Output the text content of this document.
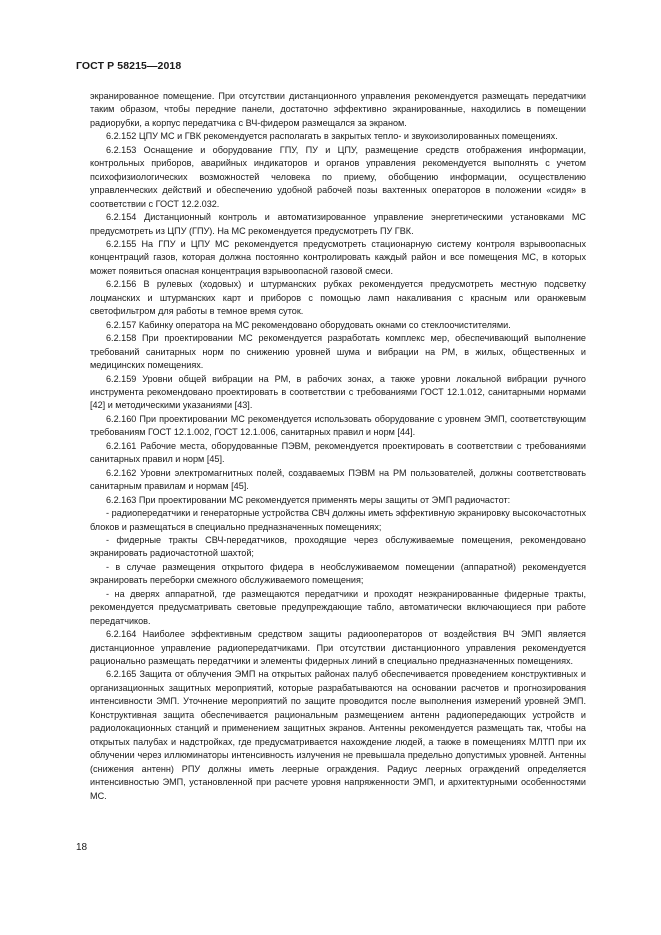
ГОСТ Р 58215—2018

экранированное помещение. При отсутствии дистанционного управления рекомендуется размещать передатчики таким образом, чтобы передние панели, достаточно эффективно экранированные, находились в помещении радиорубки, а корпус передатчика с ВЧ-фидером размещался за экраном.

6.2.152 ЦПУ МС и ГВК рекомендуется располагать в закрытых тепло- и звукоизолированных помещениях.

6.2.153 Оснащение и оборудование ГПУ, ПУ и ЦПУ, размещение средств отображения информации, контрольных приборов, аварийных индикаторов и органов управления рекомендуется выполнять с учетом психофизиологических возможностей человека по приему, обобщению информации, осуществлению управленческих действий и обеспечению удобной рабочей позы вахтенных операторов в положении «сидя» в соответствии с ГОСТ 12.2.032.

6.2.154 Дистанционный контроль и автоматизированное управление энергетическими установками МС предусмотреть из ЦПУ (ГПУ). На МС рекомендуется предусмотреть ПУ ГВК.

6.2.155 На ГПУ и ЦПУ МС рекомендуется предусмотреть стационарную систему контроля взрывоопасных концентраций газов, которая должна постоянно контролировать каждый район и все помещения МС, в которых может появиться опасная концентрация взрывоопасной газовой смеси.

6.2.156 В рулевых (ходовых) и штурманских рубках рекомендуется предусмотреть местную подсветку лоцманских и штурманских карт и приборов с помощью ламп накаливания с красным или оранжевым светофильтром для работы в темное время суток.

6.2.157 Кабинку оператора на МС рекомендовано оборудовать окнами со стеклоочистителями.

6.2.158 При проектировании МС рекомендуется разработать комплекс мер, обеспечивающий выполнение требований санитарных норм по снижению уровней шума и вибрации на РМ, в жилых, общественных и медицинских помещениях.

6.2.159 Уровни общей вибрации на РМ, в рабочих зонах, а также уровни локальной вибрации ручного инструмента рекомендовано проектировать в соответствии с требованиями ГОСТ 12.1.012, санитарными нормами [42] и методическими указаниями [43].

6.2.160 При проектировании МС рекомендуется использовать оборудование с уровнем ЭМП, соответствующим требованиям ГОСТ 12.1.002, ГОСТ 12.1.006, санитарных правил и норм [44].

6.2.161 Рабочие места, оборудованные ПЭВМ, рекомендуется проектировать в соответствии с требованиями санитарных правил и норм [45].

6.2.162 Уровни электромагнитных полей, создаваемых ПЭВМ на РМ пользователей, должны соответствовать санитарным правилам и нормам [45].

6.2.163 При проектировании МС рекомендуется применять меры защиты от ЭМП радиочастот:

- радиопередатчики и генераторные устройства СВЧ должны иметь эффективную экранировку высокочастотных блоков и размещаться в специально предназначенных помещениях;

- фидерные тракты СВЧ-передатчиков, проходящие через обслуживаемые помещения, рекомендовано экранировать радиочастотной шахтой;

- в случае размещения открытого фидера в необслуживаемом помещении (аппаратной) рекомендуется экранировать переборки смежного обслуживаемого помещения;

- на дверях аппаратной, где размещаются передатчики и проходят неэкранированные фидерные тракты, рекомендуется предусматривать световые предупреждающие табло, автоматически включающиеся при работе передатчиков.

6.2.164 Наиболее эффективным средством защиты радиооператоров от воздействия ВЧ ЭМП является дистанционное управление радиопередатчиками. При отсутствии дистанционного управления рекомендуется рационально размещать передатчики и элементы фидерных линий в специально предназначенных помещениях.

6.2.165 Защита от облучения ЭМП на открытых районах палуб обеспечивается проведением конструктивных и организационных защитных мероприятий, которые разрабатываются на основании расчетов и прогнозирования интенсивности ЭМП. Уточнение мероприятий по защите проводится после выполнения измерений уровней ЭМП. Конструктивная защита обеспечивается рациональным размещением антенн радиопередающих устройств и радиолокационных станций и применением защитных экранов. Антенны рекомендуется размещать так, чтобы на открытых палубах и надстройках, где предусматривается нахождение людей, а также в помещениях МЛТП при их облучении через иллюминаторы интенсивность излучения не превышала предельно допустимых уровней. Антенны (снижения антенн) РПУ должны иметь леерные ограждения. Радиус леерных ограждений определяется интенсивностью ЭМП, установленной при расчете уровня напряженности ЭМП, и архитектурными особенностями МС.

18
